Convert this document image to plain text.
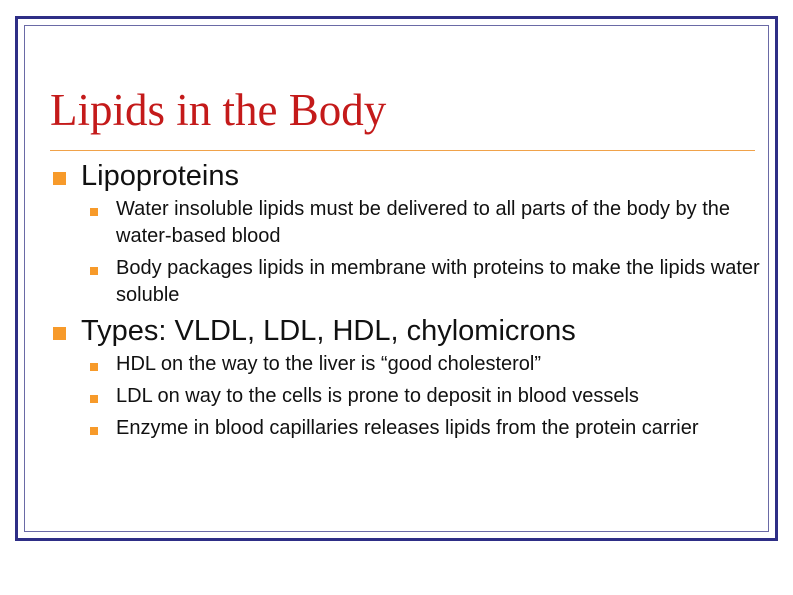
Lipids in the Body
Lipoproteins
Water insoluble lipids must be delivered to all parts of the body by the water-based blood
Body packages lipids in membrane with proteins to make the lipids water soluble
Types: VLDL, LDL, HDL, chylomicrons
HDL on the way to the liver is “good cholesterol”
LDL on way to the cells is prone to deposit in blood vessels
Enzyme in blood capillaries releases lipids from the protein carrier
